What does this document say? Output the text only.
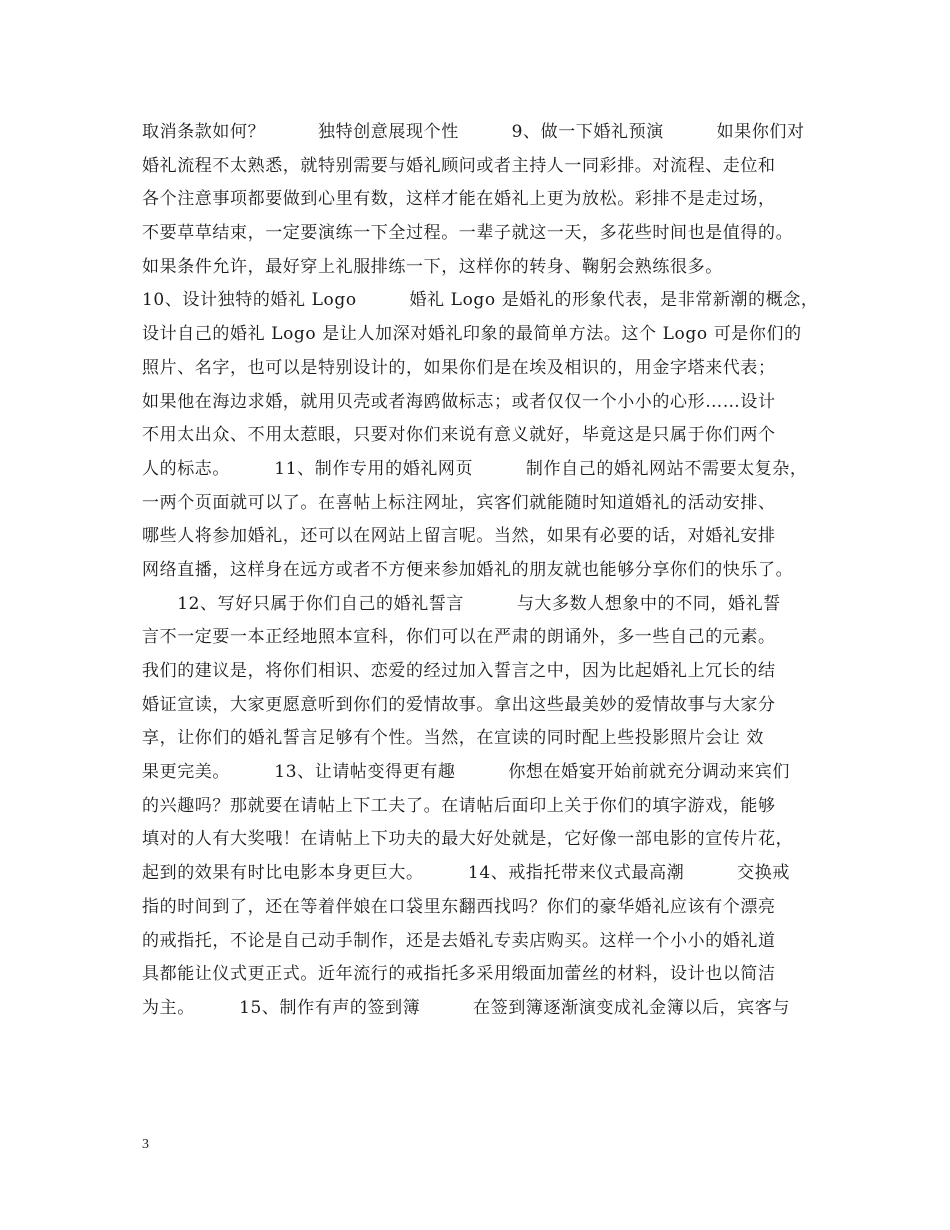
取消条款如何？　　　独特创意展现个性　　　9、做一下婚礼预演　　　如果你们对
婚礼流程不太熟悉，就特别需要与婚礼顾问或者主持人一同彩排。对流程、走位和
各个注意事项都要做到心里有数，这样才能在婚礼上更为放松。彩排不是走过场，
不要草草结束，一定要演练一下全过程。一辈子就这一天，多花些时间也是值得的。
如果条件允许，最好穿上礼服排练一下，这样你的转身、鞠躬会熟练很多。
10、设计独特的婚礼 Logo　　　婚礼 Logo 是婚礼的形象代表，是非常新潮的概念，
设计自己的婚礼 Logo 是让人加深对婚礼印象的最简单方法。这个 Logo 可是你们的
照片、名字，也可以是特别设计的，如果你们是在埃及相识的，用金字塔来代表；
如果他在海边求婚，就用贝壳或者海鸥做标志；或者仅仅一个小小的心形……设计
不用太出众、不用太惹眼，只要对你们来说有意义就好，毕竟这是只属于你们两个
人的标志。　　　11、制作专用的婚礼网页　　　制作自己的婚礼网站不需要太复杂，
一两个页面就可以了。在喜帖上标注网址，宾客们就能随时知道婚礼的活动安排、
哪些人将参加婚礼，还可以在网站上留言呢。当然，如果有必要的话，对婚礼安排
网络直播，这样身在远方或者不方便来参加婚礼的朋友就也能够分享你们的快乐了。
　　12、写好只属于你们自己的婚礼誓言　　　与大多数人想象中的不同，婚礼誓
言不一定要一本正经地照本宣科，你们可以在严肃的朗诵外，多一些自己的元素。
我们的建议是，将你们相识、恋爱的经过加入誓言之中，因为比起婚礼上冗长的结
婚证宣读，大家更愿意听到你们的爱情故事。拿出这些最美妙的爱情故事与大家分
享，让你们的婚礼誓言足够有个性。当然，在宣读的同时配上些投影照片会让 效
果更完美。　　　13、让请帖变得更有趣　　　你想在婚宴开始前就充分调动来宾们
的兴趣吗？那就要在请帖上下工夫了。在请帖后面印上关于你们的填字游戏，能够
填对的人有大奖哦！在请帖上下功夫的最大好处就是，它好像一部电影的宣传片花，
起到的效果有时比电影本身更巨大。　　　14、戒指托带来仪式最高潮　　　交换戒
指的时间到了，还在等着伴娘在口袋里东翻西找吗？你们的豪华婚礼应该有个漂亮
的戒指托，不论是自己动手制作，还是去婚礼专卖店购买。这样一个小小的婚礼道
具都能让仪式更正式。近年流行的戒指托多采用缎面加蕾丝的材料，设计也以简洁
为主。　　　15、制作有声的签到簿　　　在签到簿逐渐演变成礼金簿以后，宾客与
3
